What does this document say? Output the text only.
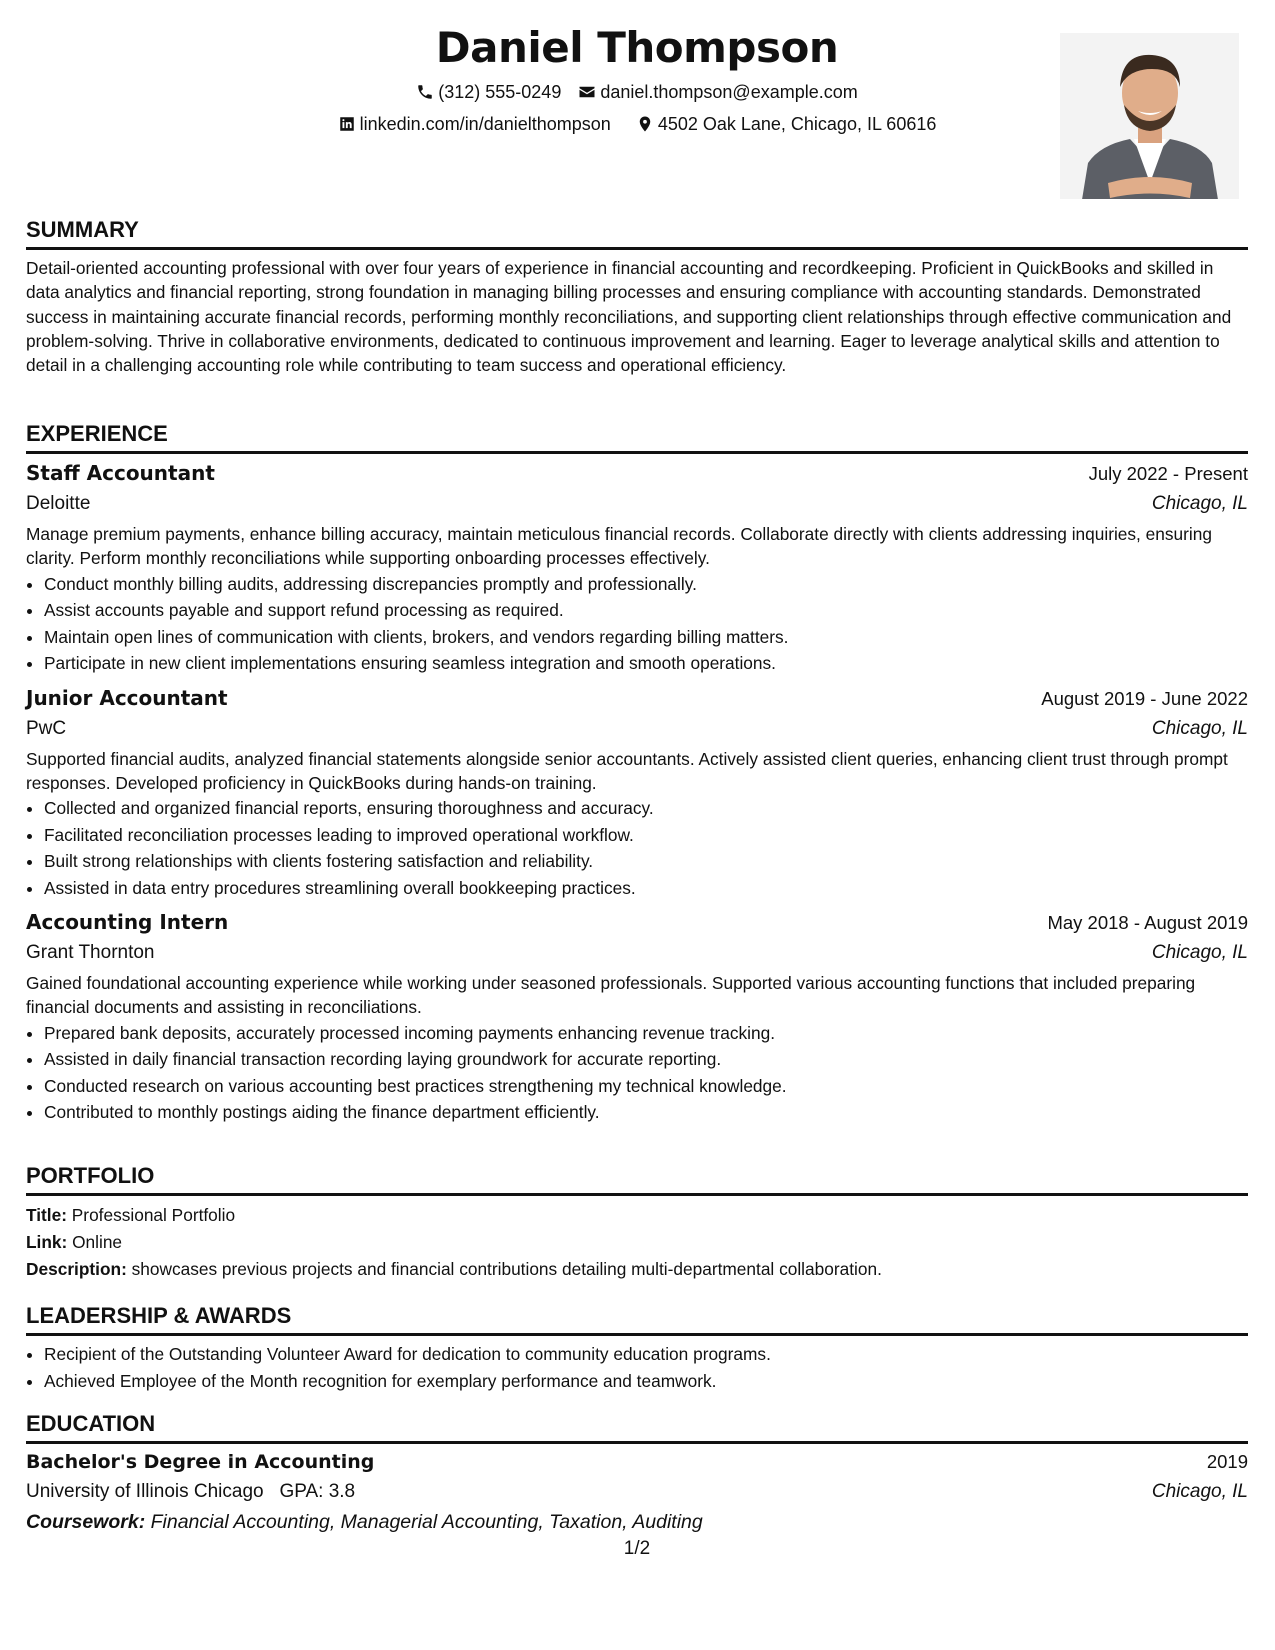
Daniel Thompson
(312) 555-0249
daniel.thompson@example.com
linkedin.com/in/danielthompson
	4502 Oak Lane, Chicago, IL 60616
SUMMARY

Detail-oriented accounting professional with over four years of experience in financial accounting and recordkeeping. Proficient in QuickBooks and skilled in data analytics and financial reporting, strong foundation in managing billing processes and ensuring compliance with accounting standards. Demonstrated success in maintaining accurate financial records, performing monthly reconciliations, and supporting client relationships through effective communication and problem-solving. Thrive in collaborative environments, dedicated to continuous improvement and learning. Eager to leverage analytical skills and attention to detail in a challenging accounting role while contributing to team success and operational efficiency.

EXPERIENCE
Staff Accountant	July 2022 - Present
Deloitte	Chicago, IL

Manage premium payments, enhance billing accuracy, maintain meticulous financial records. Collaborate directly with clients addressing inquiries, ensuring clarity. Perform monthly reconciliations while supporting onboarding processes effectively.

• Conduct monthly billing audits, addressing discrepancies promptly and professionally.
• Assist accounts payable and support refund processing as required.
• Maintain open lines of communication with clients, brokers, and vendors regarding billing matters.
• Participate in new client implementations ensuring seamless integration and smooth operations.
Junior Accountant	August 2019 - June 2022
PwC	Chicago, IL

Supported financial audits, analyzed financial statements alongside senior accountants. Actively assisted client queries, enhancing client trust through prompt responses. Developed proficiency in QuickBooks during hands-on training.

• Collected and organized financial reports, ensuring thoroughness and accuracy.
• Facilitated reconciliation processes leading to improved operational workflow.
• Built strong relationships with clients fostering satisfaction and reliability.
• Assisted in data entry procedures streamlining overall bookkeeping practices.
Accounting Intern	May 2018 - August 2019
Grant Thornton	Chicago, IL

Gained foundational accounting experience while working under seasoned professionals. Supported various accounting functions that included preparing financial documents and assisting in reconciliations.

• Prepared bank deposits, accurately processed incoming payments enhancing revenue tracking.
• Assisted in daily financial transaction recording laying groundwork for accurate reporting.
• Conducted research on various accounting best practices strengthening my technical knowledge.
• Contributed to monthly postings aiding the finance department efficiently.
PORTFOLIO
Title: Professional Portfolio
Link: Online
Description: showcases previous projects and financial contributions detailing multi-departmental collaboration.
LEADERSHIP & AWARDS
• Recipient of the Outstanding Volunteer Award for dedication to community education programs.
• Achieved Employee of the Month recognition for exemplary performance and teamwork.
EDUCATION
Bachelor's Degree in Accounting	2019
University of Illinois Chicago GPA: 3.8	Chicago, IL
Coursework: Financial Accounting, Managerial Accounting, Taxation, Auditing
1/2
